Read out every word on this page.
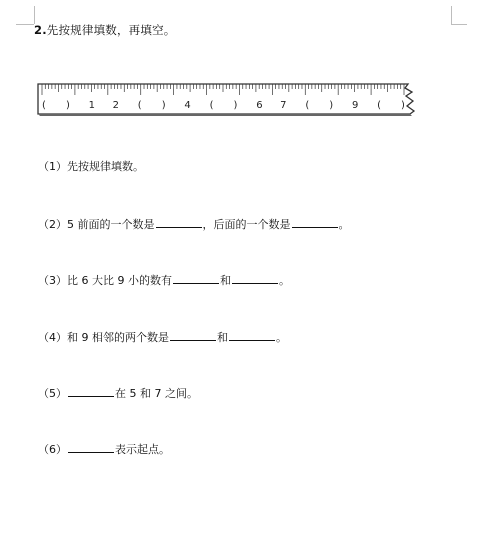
2.先按规律填数，再填空。
( ) 1 2 ( ) 4 ( ) 6 7 ( ) 9 ( )
（1）先按规律填数。
（2）5 前面的一个数是	，后面的一个数是	。
（3）比 6 大比 9 小的数有	和	。
（4）和 9 相邻的两个数是	和	。
（5）	在 5 和 7 之间。
（6）	表示起点。
